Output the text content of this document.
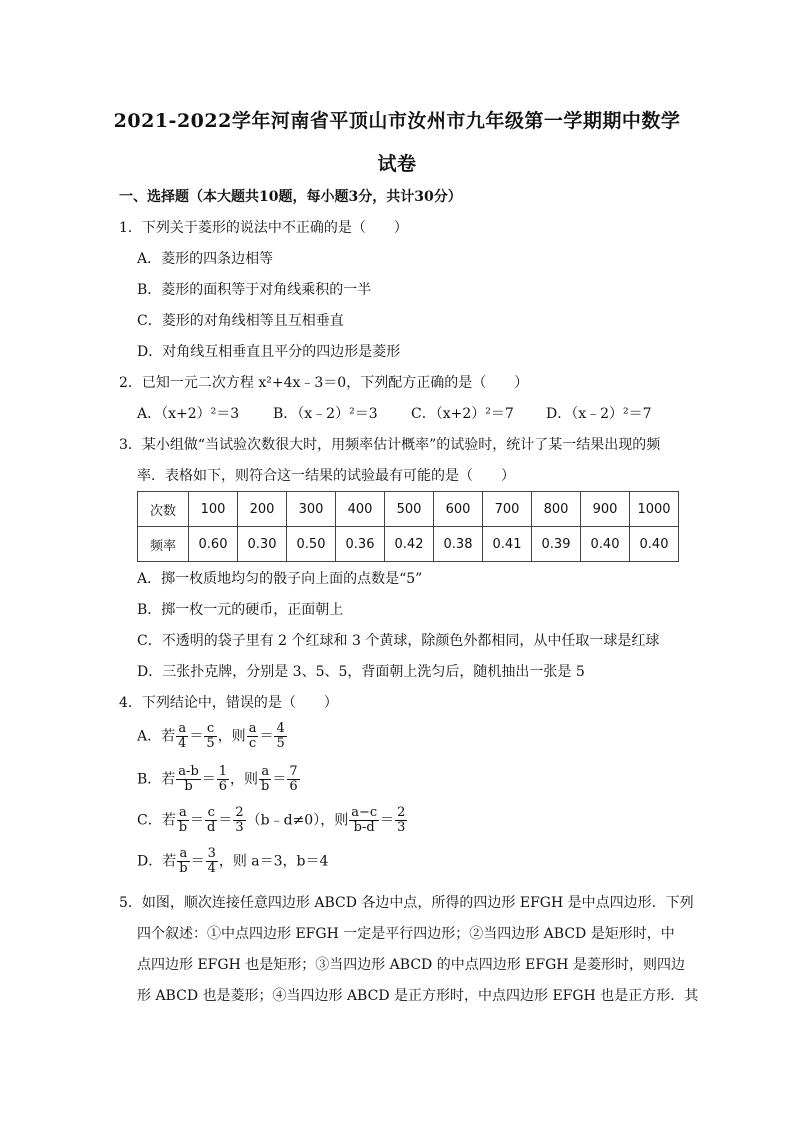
2021-2022学年河南省平顶山市汝州市九年级第一学期期中数学
试卷
一、选择题（本大题共10题，每小题3分，共计30分）
1．下列关于菱形的说法中不正确的是（　　）
A．菱形的四条边相等
B．菱形的面积等于对角线乘积的一半
C．菱形的对角线相等且互相垂直
D．对角线互相垂直且平分的四边形是菱形
2．已知一元二次方程 x²+4x﹣3＝0，下列配方正确的是（　　）
A．（x+2）²＝3 B．（x﹣2）²＝3 C．（x+2）²＝7 D．（x﹣2）²＝7
3．某小组做“当试验次数很大时，用频率估计概率”的试验时，统计了某一结果出现的频
率．表格如下，则符合这一结果的试验最有可能的是（　　）
次数	100	200	300	400	500	600	700	800	900	1000
频率	0.60	0.30	0.50	0.36	0.42	0.38	0.41	0.39	0.40	0.40
A．掷一枚质地均匀的骰子向上面的点数是“5”
B．掷一枚一元的硬币，正面朝上
C．不透明的袋子里有 2 个红球和 3 个黄球，除颜色外都相同，从中任取一球是红球
D．三张扑克牌，分别是 3、5、5，背面朝上洗匀后，随机抽出一张是 5
4．下列结论中，错误的是（　　）
A．若 $\frac{a}{4} = \frac{c}{5}$ ，则 $\frac{a}{c} = \frac{4}{5}$
B．若 $\frac{a-b}{b} = \frac{1}{6}$ ，则 $\frac{a}{b} = \frac{7}{6}$
C．若 $\frac{a}{b} = \frac{c}{d} = \frac{2}{3}$ （b﹣d≠0），则 $\frac{a-c}{b-d} = \frac{2}{3}$
D．若 $\frac{a}{b} = \frac{3}{4}$ ，则 a＝3，b＝4
5．如图，顺次连接任意四边形 ABCD 各边中点，所得的四边形 EFGH 是中点四边形．下列
四个叙述：①中点四边形 EFGH 一定是平行四边形；②当四边形 ABCD 是矩形时，中
点四边形 EFGH 也是矩形；③当四边形 ABCD 的中点四边形 EFGH 是菱形时，则四边
形 ABCD 也是菱形；④当四边形 ABCD 是正方形时，中点四边形 EFGH 也是正方形．其
